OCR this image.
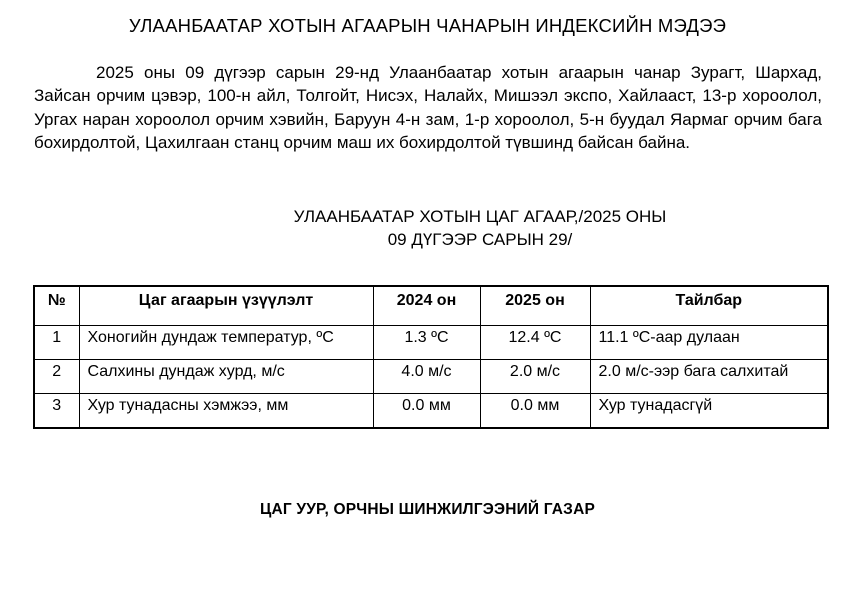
УЛААНБААТАР ХОТЫН АГААРЫН ЧАНАРЫН ИНДЕКСИЙН МЭДЭЭ

2025 оны 09 дүгээр сарын 29-нд Улаанбаатар хотын агаарын чанар Зурагт, Шархад, Зайсан орчим цэвэр, 100-н айл, Толгойт, Нисэх, Налайх, Мишээл экспо, Хайлааст, 13-р хороолол, Ургах наран хороолол орчим хэвийн, Баруун 4-н зам, 1-р хороолол, 5-н буудал Яармаг орчим бага бохирдолтой, Цахилгаан станц орчим маш их бохирдолтой түвшинд байсан байна.

УЛААНБААТАР ХОТЫН ЦАГ АГААР,/2025 ОНЫ
09 ДҮГЭЭР САРЫН 29/
№	Цаг агаарын үзүүлэлт	2024 он	2025 он	Тайлбар
1	Хоногийн дундаж температур, ºС	1.3 ºС	12.4 ºС	11.1 ºС-аар дулаан
2	Салхины дундаж хурд, м/с	4.0 м/с	2.0 м/с	2.0 м/с-ээр бага салхитай
3	Хур тунадасны хэмжээ, мм	0.0 мм	0.0 мм	Хур тунадасгүй
ЦАГ УУР, ОРЧНЫ ШИНЖИЛГЭЭНИЙ ГАЗАР
